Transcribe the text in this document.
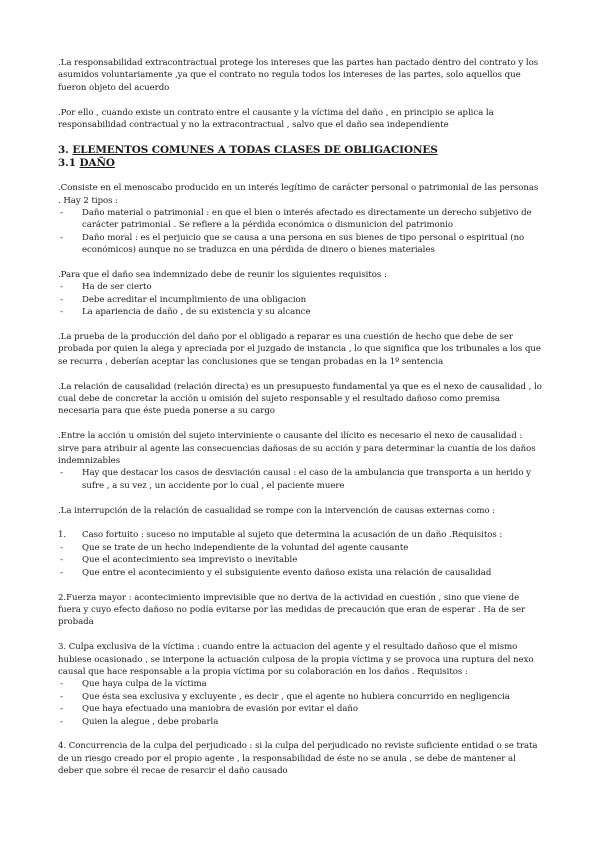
.La responsabilidad extracontractual protege los intereses que las partes han pactado dentro del contrato y los asumidos voluntariamente ,ya que el contrato no regula todos los intereses de las partes, solo aquellos que fueron objeto del acuerdo

.Por ello , cuando existe un contrato entre el causante y la víctima del daño , en principio se aplica la responsabilidad contractual y no la extracontractual , salvo que el daño sea independiente

3. ELEMENTOS COMUNES A TODAS CLASES DE OBLIGACIONES

3.1 DAÑO

.Consiste en el menoscabo producido en un interés legítimo de carácter personal o patrimonial de las personas . Hay 2 tipos :

- Daño material o patrimonial : en que el bien o interés afectado es directamente un derecho subjetivo de carácter patrimonial . Se refiere a la pérdida económica o dismunicion del patrimonio
- Daño moral : es el perjuicio que se causa a una persona en sus bienes de tipo personal o espiritual (no económicos) aunque no se traduzca en una pérdida de dinero o bienes materiales

.Para que el daño sea indemnizado debe de reunir los siguientes requisitos :

- Ha de ser cierto
- Debe acreditar el incumplimiento de una obligacion
- La apariencia de daño , de su existencia y su alcance

.La prueba de la producción del daño por el obligado a reparar es una cuestión de hecho que debe de ser probada por quien la alega y apreciada por el juzgado de instancia , lo que significa que los tribunales a los que se recurra , deberían aceptar las conclusiones que se tengan probadas en la 1º sentencia

.La relación de causalidad (relación directa) es un presupuesto fundamental ya que es el nexo de causalidad , lo cual debe de concretar la acción u omisión del sujeto responsable y el resultado dañoso como premisa necesaria para que éste pueda ponerse a su cargo

.Entre la acción u omisión del sujeto interviniente o causante del ilícito es necesario el nexo de causalidad : sirve para atribuir al agente las consecuencias dañosas de su acción y para determinar la cuantía de los daños indemnizables

- Hay que destacar los casos de desviación causal : el caso de la ambulancia que transporta a un herido y sufre , a su vez , un accidente por lo cual , el paciente muere

.La interrupción de la relación de casualidad se rompe con la intervención de causas externas como :

1. Caso fortuito : suceso no imputable al sujeto que determina la acusación de un daño .Requisitos :
- Que se trate de un hecho independiente de la voluntad del agente causante
- Que el acontecimiento sea imprevisto o inevitable
- Que entre el acontecimiento y el subsiguiente evento dañoso exista una relación de causalidad

2.Fuerza mayor : acontecimiento imprevisible que no deriva de la actividad en cuestión , sino que viene de fuera y cuyo efecto dañoso no podía evitarse por las medidas de precaución que eran de esperar . Ha de ser probada

3. Culpa exclusiva de la víctima : cuando entre la actuacion del agente y el resultado dañoso que el mismo hubiese ocasionado , se interpone la actuación culposa de la propia víctima y se provoca una ruptura del nexo causal que hace responsable a la propia víctima por su colaboración en los daños . Requisitos :

- Que haya culpa de la víctima
- Que ésta sea exclusiva y excluyente , es decir , que el agente no hubiera concurrido en negligencia
- Que haya efectuado una maniobra de evasión por evitar el daño
- Quien la alegue , debe probarla

4. Concurrencia de la culpa del perjudicado : si la culpa del perjudicado no reviste suficiente entidad o se trata de un riesgo creado por el propio agente , la responsabilidad de éste no se anula , se debe de mantener al deber que sobre él recae de resarcir el daño causado
